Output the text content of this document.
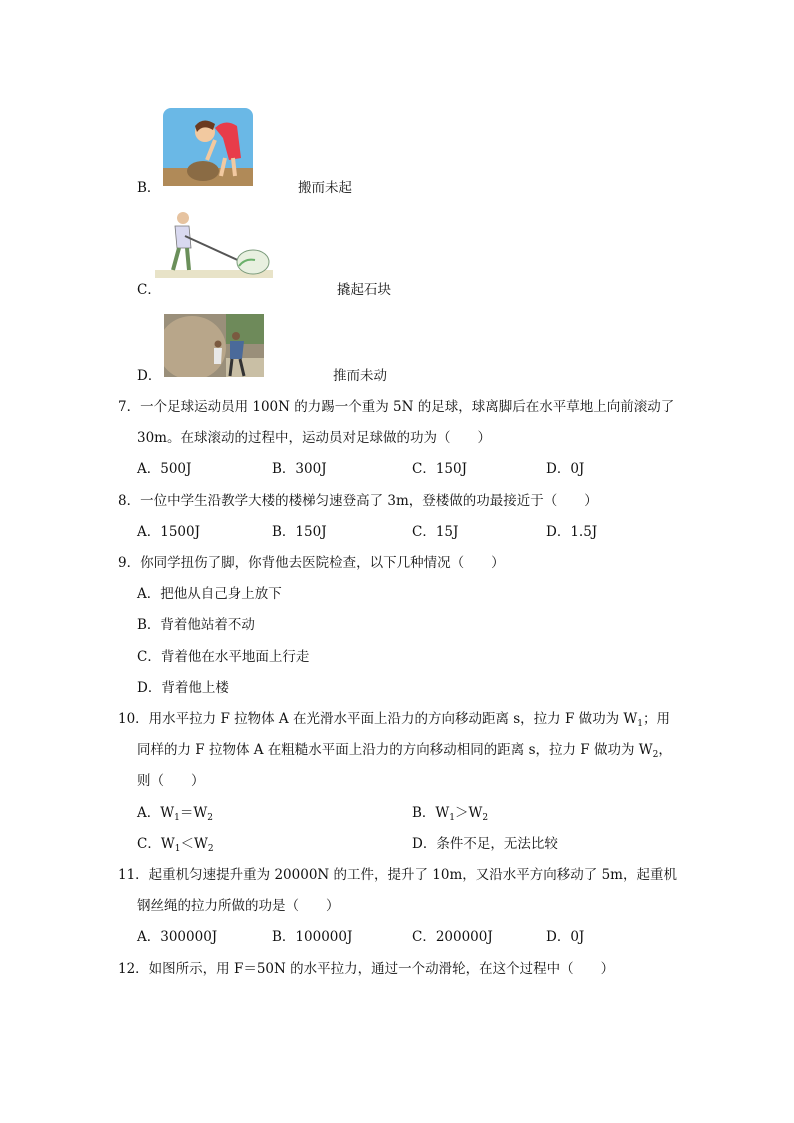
B．	搬而未起
C．	撬起石块
D．	推而未动
7．一个足球运动员用 100N 的力踢一个重为 5N 的足球，球离脚后在水平草地上向前滚动了
30m。在球滚动的过程中，运动员对足球做的功为（　　）
A．500J	B．300J	C．150J	D．0J
8．一位中学生沿教学大楼的楼梯匀速登高了 3m，登楼做的功最接近于（　　）
A．1500J	B．150J	C．15J	D．1.5J
9．你同学扭伤了脚，你背他去医院检查，以下几种情况（　　）
A．把他从自己身上放下
B．背着他站着不动
C．背着他在水平地面上行走
D．背着他上楼
10．用水平拉力 F 拉物体 A 在光滑水平面上沿力的方向移动距离 s，拉力 F 做功为 $W_1$；用
同样的力 F 拉物体 A 在粗糙水平面上沿力的方向移动相同的距离 s，拉力 F 做功为 $W_2$，
则（　　）
A．$W_1=W_2$	B．$W_1>W_2$
C．$W_1<W_2$	D．条件不足，无法比较
11．起重机匀速提升重为 20000N 的工件，提升了 10m，又沿水平方向移动了 5m，起重机
钢丝绳的拉力所做的功是（　　）
A．300000J	B．100000J	C．200000J	D．0J
12．如图所示，用 F＝50N 的水平拉力，通过一个动滑轮，在这个过程中（　　）
